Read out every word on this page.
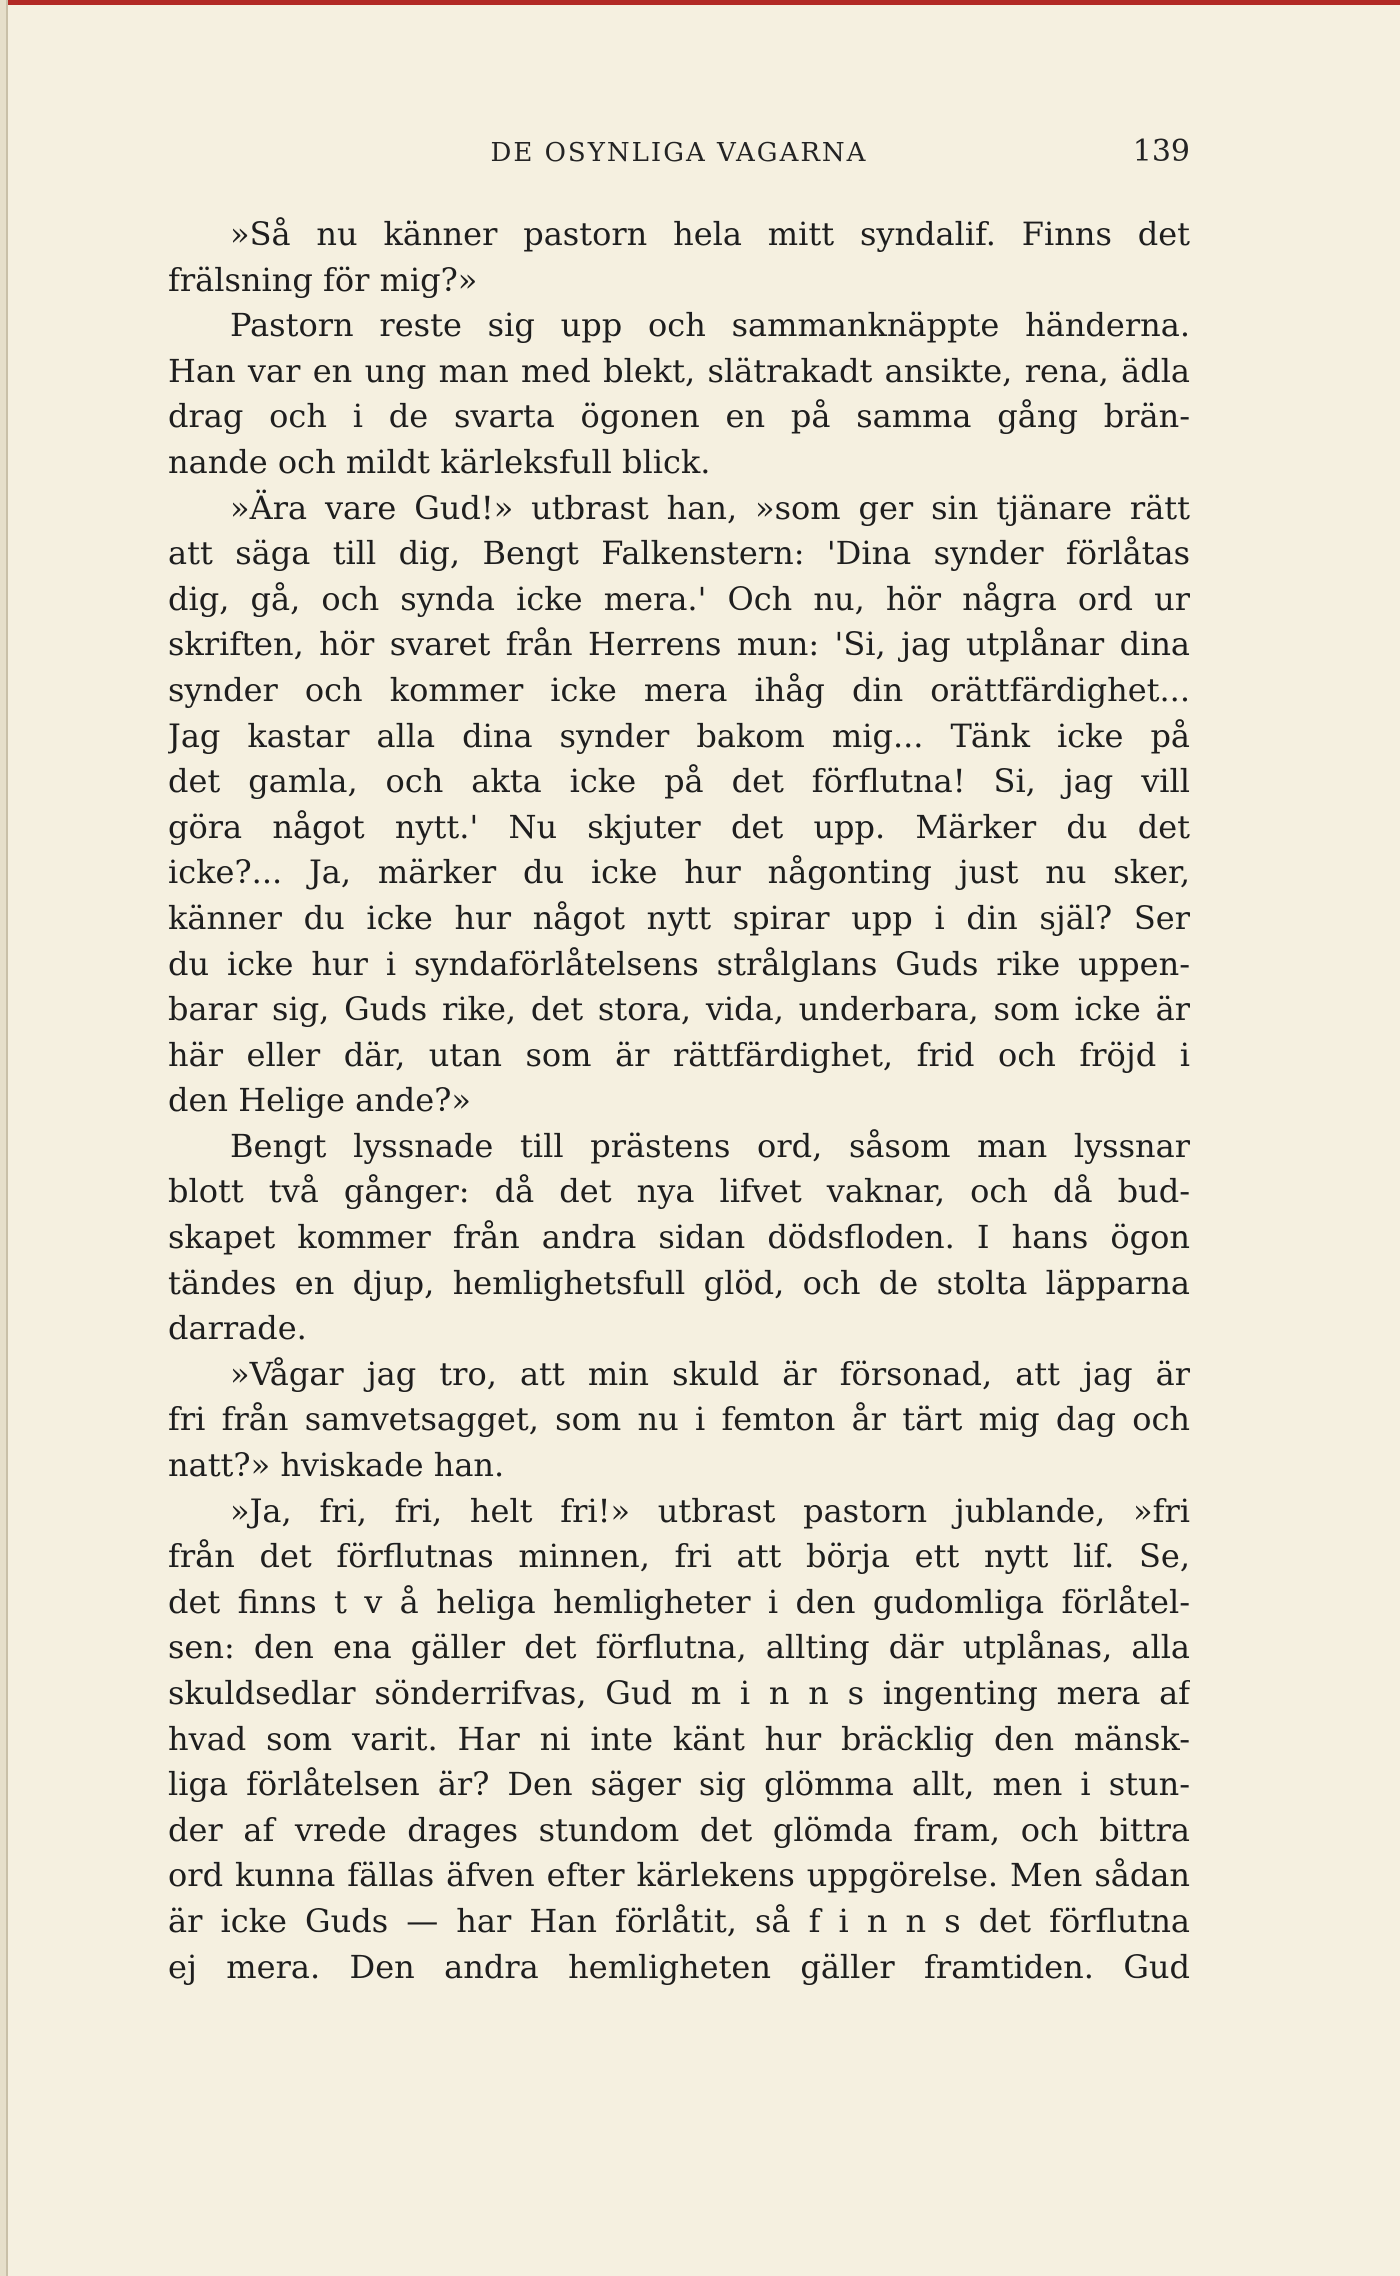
DE OSYNLIGA VAGARNA	139
»Så nu känner pastorn hela mitt syndalif. Finns det
frälsning för mig?»
Pastorn reste sig upp och sammanknäppte händerna.
Han var en ung man med blekt, slätrakadt ansikte, rena, ädla
drag och i de svarta ögonen en på samma gång brän-
nande och mildt kärleksfull blick.
»Ära vare Gud!» utbrast han, »som ger sin tjänare rätt
att säga till dig, Bengt Falkenstern: 'Dina synder förlåtas
dig, gå, och synda icke mera.' Och nu, hör några ord ur
skriften, hör svaret från Herrens mun: 'Si, jag utplånar dina
synder och kommer icke mera ihåg din orättfärdighet...
Jag kastar alla dina synder bakom mig... Tänk icke på
det gamla, och akta icke på det förflutna! Si, jag vill
göra något nytt.' Nu skjuter det upp. Märker du det
icke?... Ja, märker du icke hur någonting just nu sker,
känner du icke hur något nytt spirar upp i din själ? Ser
du icke hur i syndaförlåtelsens strålglans Guds rike uppen-
barar sig, Guds rike, det stora, vida, underbara, som icke är
här eller där, utan som är rättfärdighet, frid och fröjd i
den Helige ande?»
Bengt lyssnade till prästens ord, såsom man lyssnar
blott två gånger: då det nya lifvet vaknar, och då bud-
skapet kommer från andra sidan dödsfloden. I hans ögon
tändes en djup, hemlighetsfull glöd, och de stolta läpparna
darrade.
»Vågar jag tro, att min skuld är försonad, att jag är
fri från samvetsagget, som nu i femton år tärt mig dag och
natt?» hviskade han.
»Ja, fri, fri, helt fri!» utbrast pastorn jublande, »fri
från det förflutnas minnen, fri att börja ett nytt lif. Se,
det finns t v å heliga hemligheter i den gudomliga förlåtel-
sen: den ena gäller det förflutna, allting där utplånas, alla
skuldsedlar sönderrifvas, Gud m i n n s ingenting mera af
hvad som varit. Har ni inte känt hur bräcklig den mänsk-
liga förlåtelsen är? Den säger sig glömma allt, men i stun-
der af vrede drages stundom det glömda fram, och bittra
ord kunna fällas äfven efter kärlekens uppgörelse. Men sådan
är icke Guds — har Han förlåtit, så f i n n s det förflutna
ej mera. Den andra hemligheten gäller framtiden. Gud
